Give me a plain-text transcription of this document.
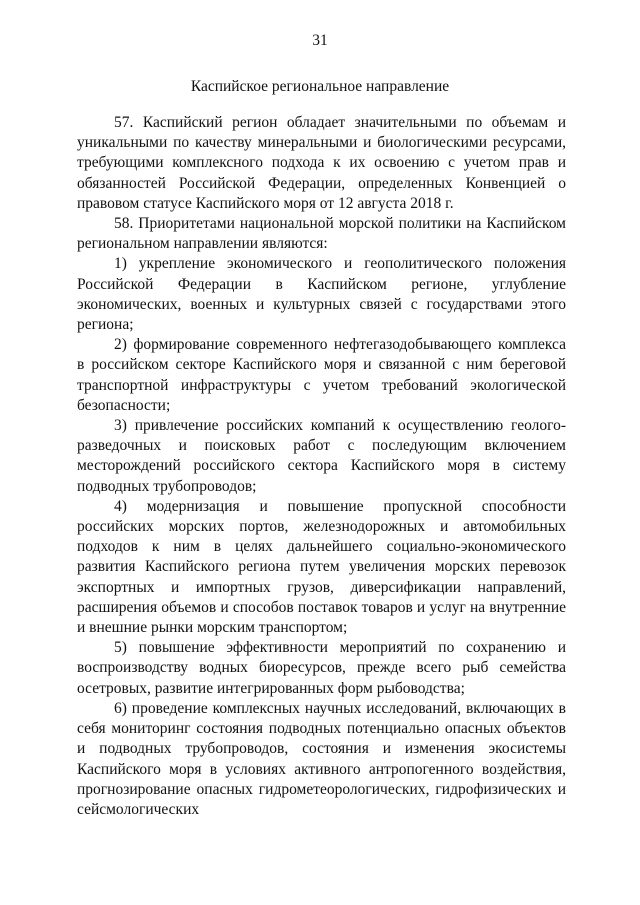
31
Каспийское региональное направление

57. Каспийский регион обладает значительными по объемам и уникальными по качеству минеральными и биологическими ресурсами, требующими комплексного подхода к их освоению с учетом прав и обязанностей Российской Федерации, определенных Конвенцией о правовом статусе Каспийского моря от 12 августа 2018 г.

58. Приоритетами национальной морской политики на Каспийском региональном направлении являются:

1) укрепление экономического и геополитического положения Российской Федерации в Каспийском регионе, углубление экономических, военных и культурных связей с государствами этого региона;

2) формирование современного нефтегазодобывающего комплекса в российском секторе Каспийского моря и связанной с ним береговой транспортной инфраструктуры с учетом требований экологической безопасности;

3) привлечение российских компаний к осуществлению геолого-разведочных и поисковых работ с последующим включением месторождений российского сектора Каспийского моря в систему подводных трубопроводов;

4) модернизация и повышение пропускной способности российских морских портов, железнодорожных и автомобильных подходов к ним в целях дальнейшего социально-экономического развития Каспийского региона путем увеличения морских перевозок экспортных и импортных грузов, диверсификации направлений, расширения объемов и способов поставок товаров и услуг на внутренние и внешние рынки морским транспортом;

5) повышение эффективности мероприятий по сохранению и воспроизводству водных биоресурсов, прежде всего рыб семейства осетровых, развитие интегрированных форм рыбоводства;

6) проведение комплексных научных исследований, включающих в себя мониторинг состояния подводных потенциально опасных объектов и подводных трубопроводов, состояния и изменения экосистемы Каспийского моря в условиях активного антропогенного воздействия, прогнозирование опасных гидрометеорологических, гидрофизических и сейсмологических
